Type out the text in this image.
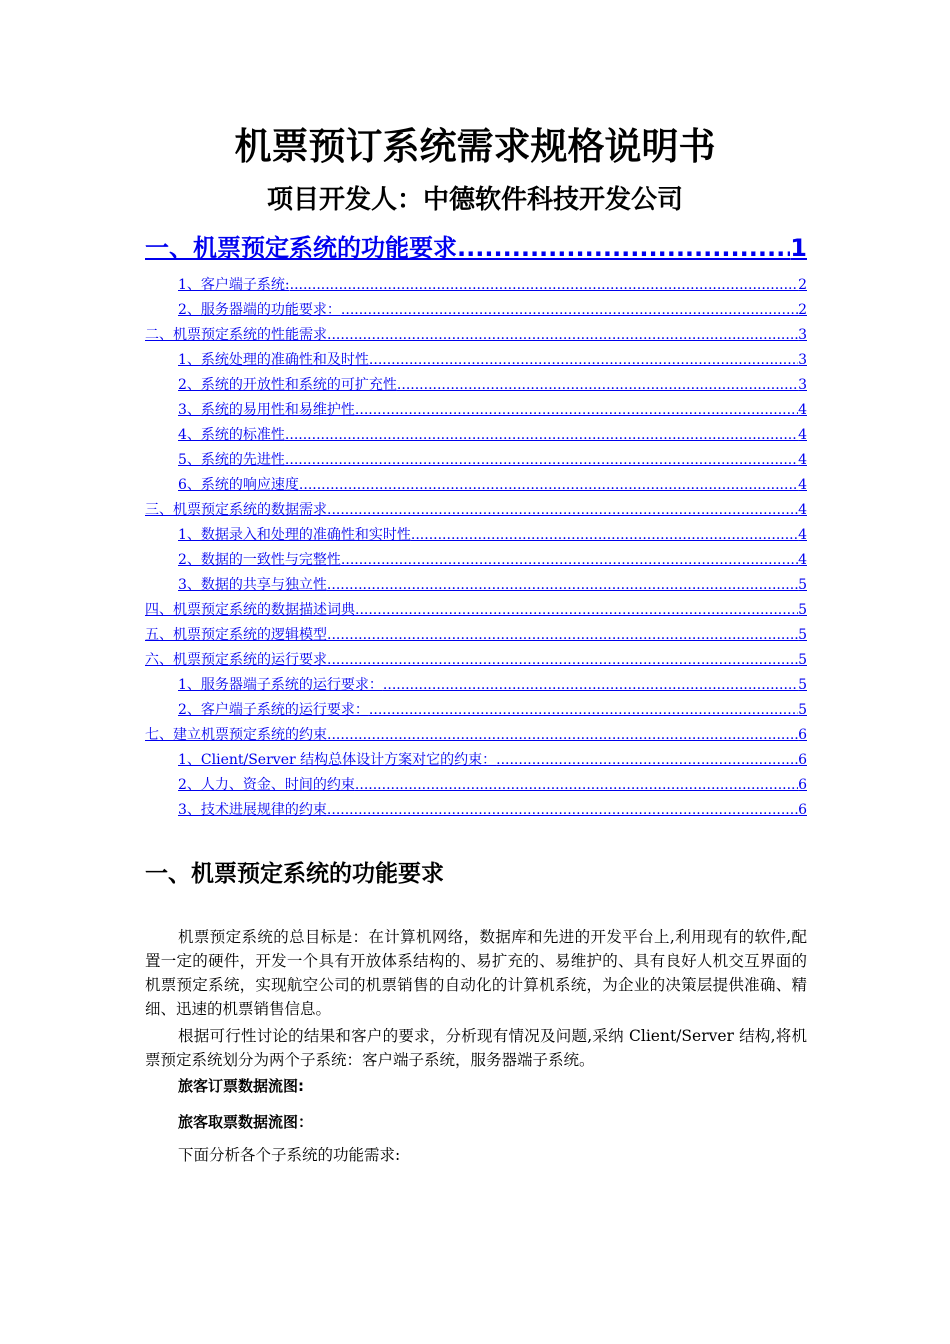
机票预订系统需求规格说明书
项目开发人：中德软件科技开发公司
一、机票预定系统的功能要求 .....	1
1、客户端子系统: .....	2
2、服务器端的功能要求： .....	2
二、机票预定系统的性能需求 .....	3
1、系统处理的准确性和及时性 .....	3
2、系统的开放性和系统的可扩充性 .....	3
3、系统的易用性和易维护性 .....	4
4、系统的标准性 .....	4
5、系统的先进性 .....	4
6、系统的响应速度 .....	4
三、机票预定系统的数据需求 .....	4
1、数据录入和处理的准确性和实时性 .....	4
2、数据的一致性与完整性 .....	4
3、数据的共享与独立性 .....	5
四、机票预定系统的数据描述词典 .....	5
五、机票预定系统的逻辑模型 .....	5
六、机票预定系统的运行要求 .....	5
1、服务器端子系统的运行要求： .....	5
2、客户端子系统的运行要求： .....	5
七、建立机票预定系统的约束 .....	6
1、Client/Server 结构总体设计方案对它的约束： .....	6
2、人力、资金、时间的约束 .....	6
3、技术进展规律的约束 .....	6
一、机票预定系统的功能要求
机票预定系统的总目标是：在计算机网络，数据库和先进的开发平台上,利用现有的软件,配置一定的硬件，开发一个具有开放体系结构的、易扩充的、易维护的、具有良好人机交互界面的机票预定系统，实现航空公司的机票销售的自动化的计算机系统，为企业的决策层提供准确、精细、迅速的机票销售信息。
根据可行性讨论的结果和客户的要求，分析现有情况及问题,采纳 Client/Server 结构,将机票预定系统划分为两个子系统：客户端子系统，服务器端子系统。
旅客订票数据流图:
旅客取票数据流图：
下面分析各个子系统的功能需求:
